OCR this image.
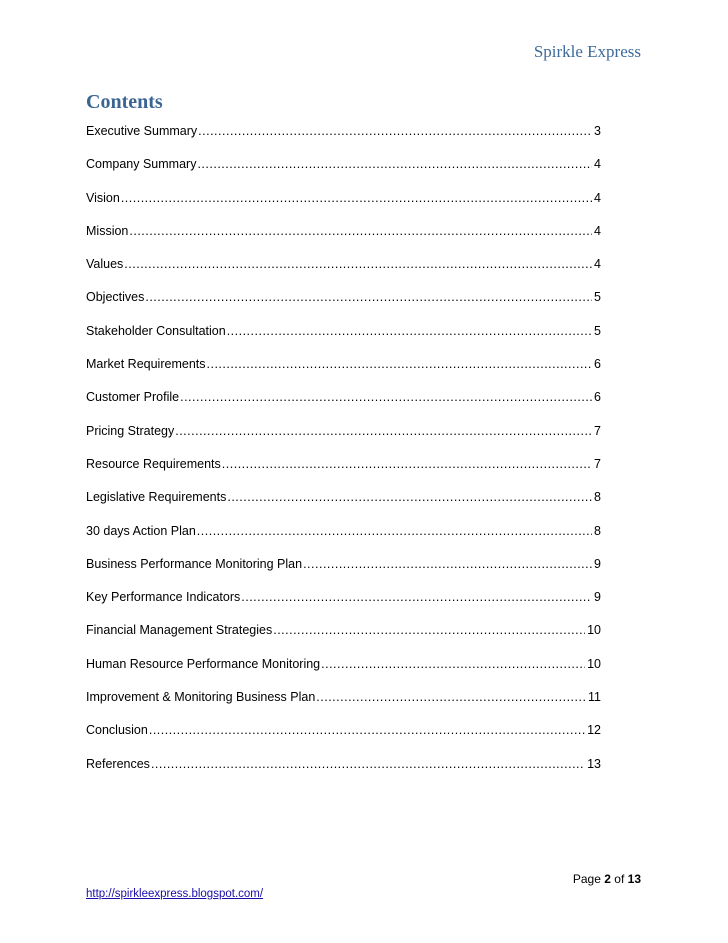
Spirkle Express
Contents
Executive Summary .....	3
Company Summary .....	4
Vision .....	4
Mission .....	4
Values .....	4
Objectives .....	5
Stakeholder Consultation .....	5
Market Requirements .....	6
Customer Profile .....	6
Pricing Strategy .....	7
Resource Requirements .....	7
Legislative Requirements .....	8
30 days Action Plan .....	8
Business Performance Monitoring Plan .....	9
Key Performance Indicators .....	9
Financial Management Strategies .....	10
Human Resource Performance Monitoring .....	10
Improvement & Monitoring Business Plan .....	11
Conclusion .....	12
References .....	13
Page 2 of 13
http://spirkleexpress.blogspot.com/
